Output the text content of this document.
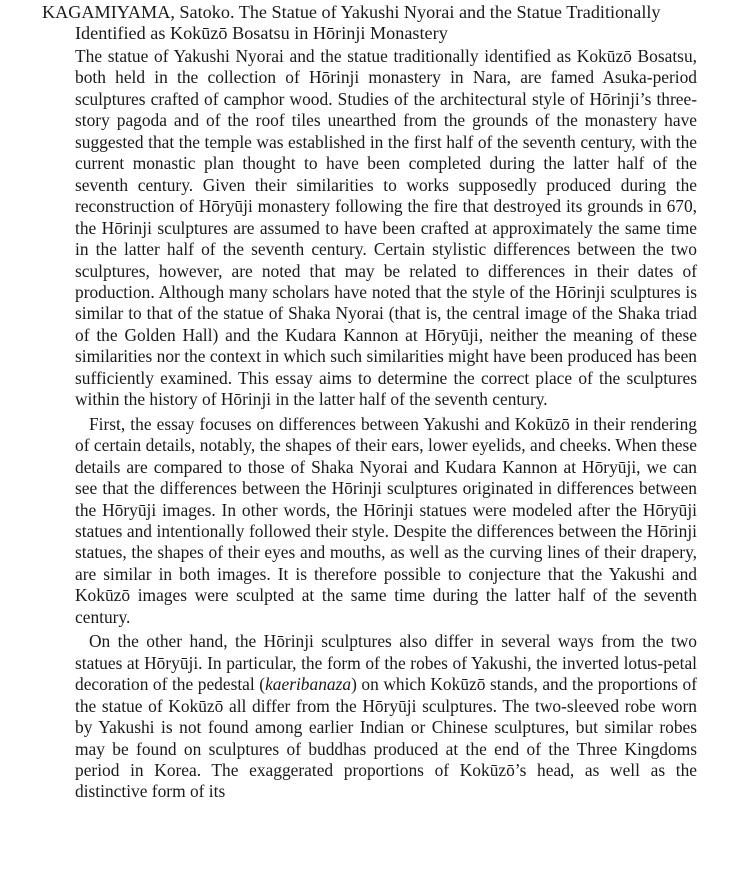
KAGAMIYAMA, Satoko. The Statue of Yakushi Nyorai and the Statue Traditionally Identified as Kokūzō Bosatsu in Hōrinji Monastery

The statue of Yakushi Nyorai and the statue traditionally identified as Kokūzō Bosatsu, both held in the collection of Hōrinji monastery in Nara, are famed Asuka-period sculptures crafted of camphor wood. Studies of the architectural style of Hōrinji’s three-story pagoda and of the roof tiles unearthed from the grounds of the monastery have suggested that the temple was established in the first half of the seventh century, with the current monastic plan thought to have been completed during the latter half of the seventh century. Given their similarities to works supposedly produced during the reconstruction of Hōryūji monastery following the fire that destroyed its grounds in 670, the Hōrinji sculptures are assumed to have been crafted at approximately the same time in the latter half of the seventh century. Certain stylistic differences between the two sculptures, however, are noted that may be related to differences in their dates of production. Although many scholars have noted that the style of the Hōrinji sculptures is similar to that of the statue of Shaka Nyorai (that is, the central image of the Shaka triad of the Golden Hall) and the Kudara Kannon at Hōryūji, neither the meaning of these similarities nor the context in which such similarities might have been produced has been sufficiently examined. This essay aims to determine the correct place of the sculptures within the history of Hōrinji in the latter half of the seventh century.

First, the essay focuses on differences between Yakushi and Kokūzō in their rendering of certain details, notably, the shapes of their ears, lower eyelids, and cheeks. When these details are compared to those of Shaka Nyorai and Kudara Kannon at Hōryūji, we can see that the differences between the Hōrinji sculptures originated in differences between the Hōryūji images. In other words, the Hōrinji statues were modeled after the Hōryūji statues and intentionally followed their style. Despite the differences between the Hōrinji statues, the shapes of their eyes and mouths, as well as the curving lines of their drapery, are similar in both images. It is therefore possible to conjecture that the Yakushi and Kokūzō images were sculpted at the same time during the latter half of the seventh century.

On the other hand, the Hōrinji sculptures also differ in several ways from the two statues at Hōryūji. In particular, the form of the robes of Yakushi, the inverted lotus-petal decoration of the pedestal (kaeribanaza) on which Kokūzō stands, and the proportions of the statue of Kokūzō all differ from the Hōryūji sculptures. The two-sleeved robe worn by Yakushi is not found among earlier Indian or Chinese sculptures, but similar robes may be found on sculptures of buddhas produced at the end of the Three Kingdoms period in Korea. The exaggerated proportions of Kokūzō’s head, as well as the distinctive form of its
